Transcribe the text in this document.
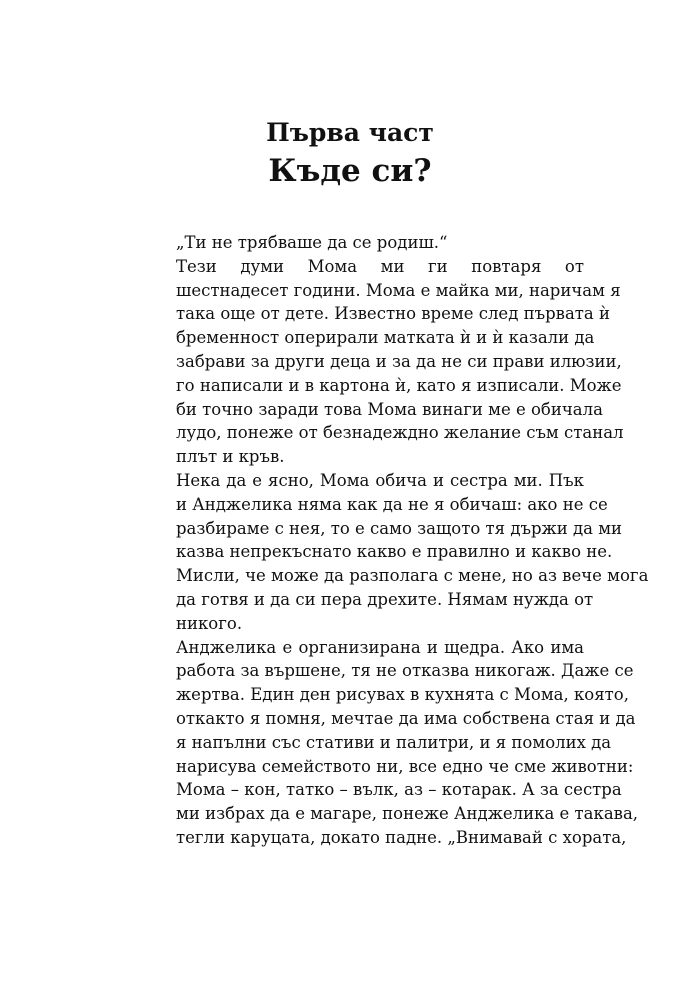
Първа част
Къде си?

„Ти не трябваше да се родиш.“

Тези думи Мома ми ги повтаря от
шестнадесет години. Мома е майка ми, наричам я
така още от дете. Известно време след първата ѝ
бременност оперирали матката ѝ и ѝ казали да
забрави за други деца и за да не си прави илюзии,
го написали и в картона ѝ, като я изписали. Може
би точно заради това Мома винаги ме е обичала
лудо, понеже от безнадеждно желание съм станал
плът и кръв.

Нека да е ясно, Мома обича и сестра ми. Пък
и Анджелика няма как да не я обичаш: ако не се
разбираме с нея, то е само защото тя държи да ми
казва непрекъснато какво е правилно и какво не.
Мисли, че може да разполага с мене, но аз вече мога
да готвя и да си пера дрехите. Нямам нужда от
никого.

Анджелика е организирана и щедра. Ако има
работа за вършене, тя не отказва никогаж. Даже се
жертва. Един ден рисувах в кухнята с Мома, която,
откакто я помня, мечтае да има собствена стая и да
я напълни със стативи и палитри, и я помолих да
нарисува семейството ни, все едно че сме животни:
Мома – кон, татко – вълк, аз – котарак. А за сестра
ми избрах да е магаре, понеже Анджелика е такава,
тегли каруцата, докато падне. „Внимавай с хората,
